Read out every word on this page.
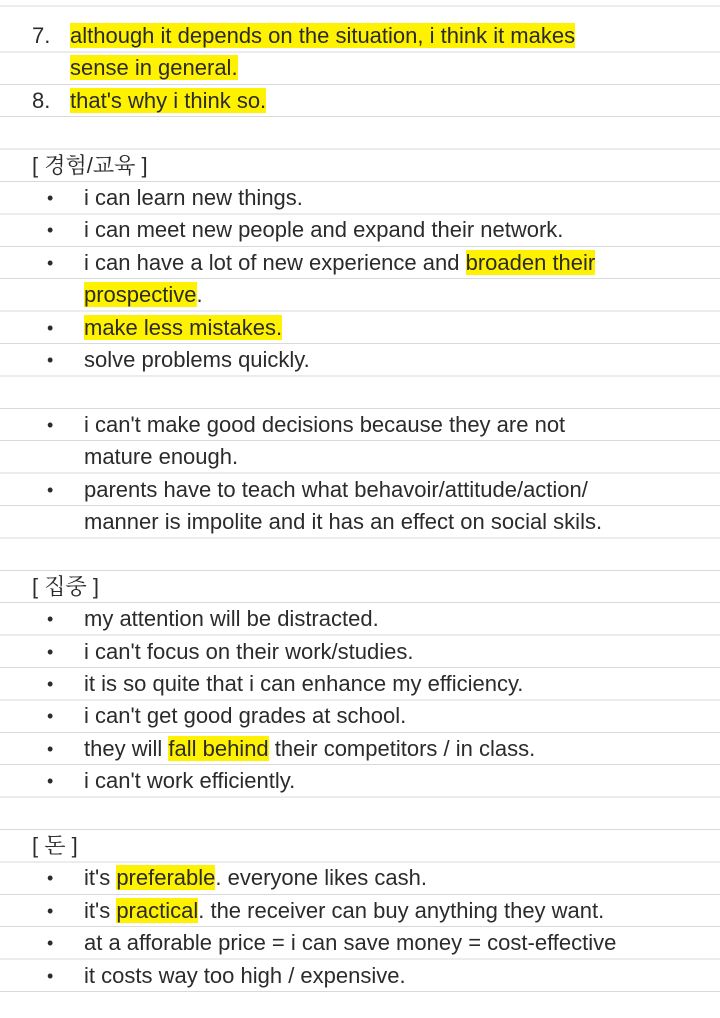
7. although it depends on the situation, i think it makes
sense in general.
8. that's why i think so.
[ 경험/교육 ]
• i can learn new things.
• i can meet new people and expand their network.
• i can have a lot of new experience and broaden their
prospective.
• make less mistakes.
• solve problems quickly.
• i can't make good decisions because they are not
mature enough.
• parents have to teach what behavoir/attitude/action/
manner is impolite and it has an effect on social skils.
[ 집중 ]
• my attention will be distracted.
• i can't focus on their work/studies.
• it is so quite that i can enhance my efficiency.
• i can't get good grades at school.
• they will fall behind their competitors / in class.
• i can't work efficiently.
[ 돈 ]
• it's preferable. everyone likes cash.
• it's practical. the receiver can buy anything they want.
• at a afforable price = i can save money = cost-effective
• it costs way too high / expensive.
